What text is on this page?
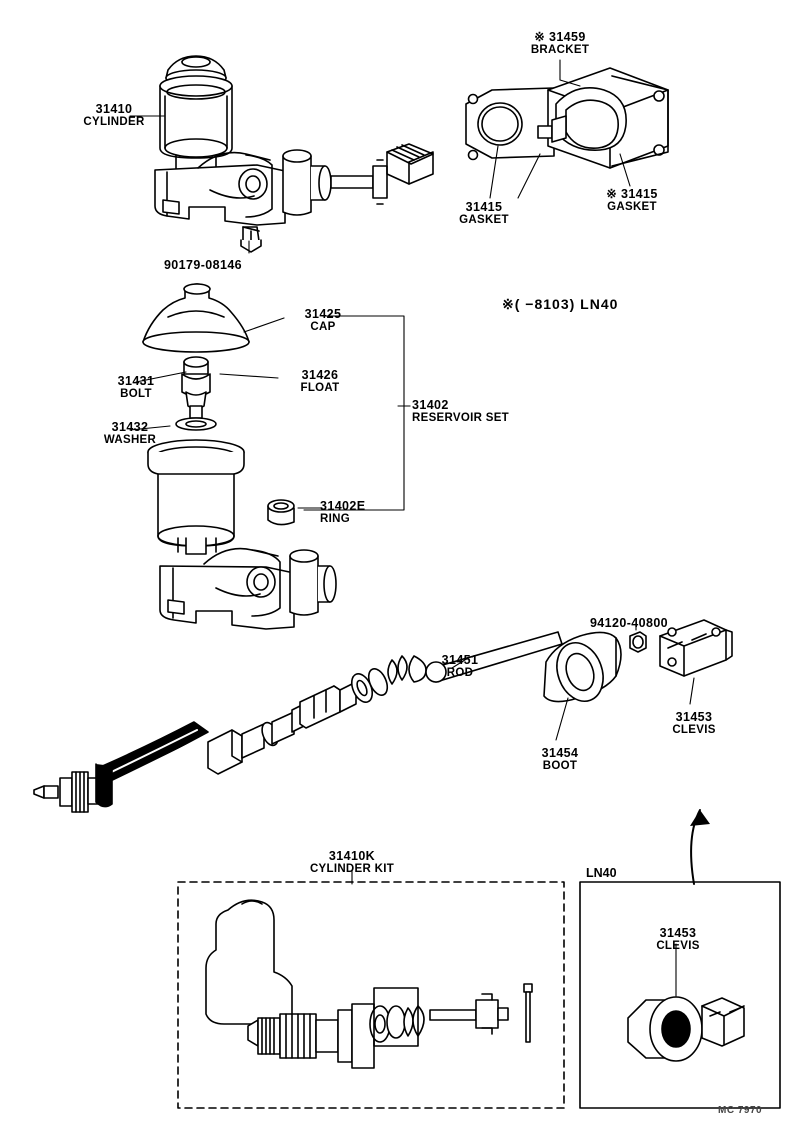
31410
CYLINDER
90179-08146
※ 31459
BRACKET
31415
GASKET
※ 31415
GASKET
31425
CAP
31426
FLOAT
31431
BOLT
31432
WASHER
31402
RESERVOIR SET
31402E
RING
31451
ROD
31454
BOOT
94120-40800
31453
CLEVIS
31410K
CYLINDER KIT
31453
CLEVIS
※( −8103) LN40
LN40
MC 7970
